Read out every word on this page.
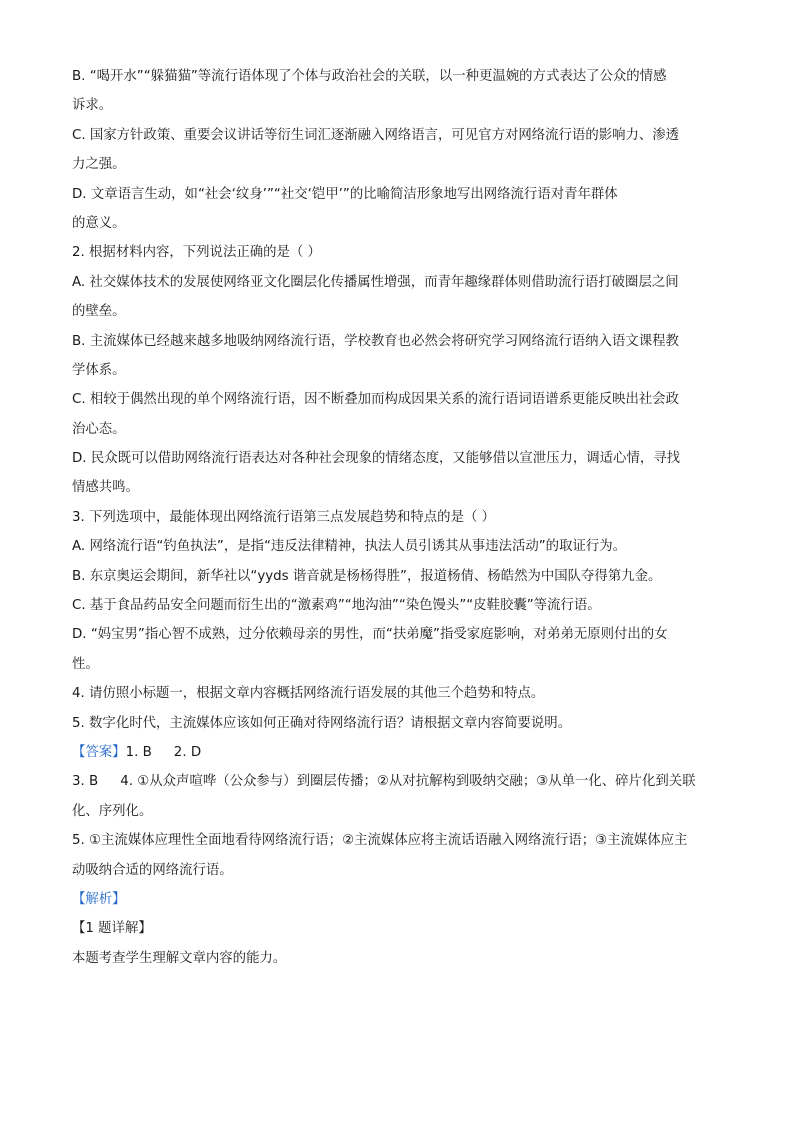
B. “喝开水”“躲猫猫”等流行语体现了个体与政治社会的关联，以一种更温婉的方式表达了公众的情感
诉求。
C. 国家方针政策、重要会议讲话等衍生词汇逐渐融入网络语言，可见官方对网络流行语的影响力、渗透
力之强。
D. 文章语言生动，如“社会‘纹身’”“社交‘铠甲’”的比喻简洁形象地写出网络流行语对青年群体
的意义。
2. 根据材料内容，下列说法正确的是（ ）
A. 社交媒体技术的发展使网络亚文化圈层化传播属性增强，而青年趣缘群体则借助流行语打破圈层之间
的壁垒。
B. 主流媒体已经越来越多地吸纳网络流行语，学校教育也必然会将研究学习网络流行语纳入语文课程教
学体系。
C. 相较于偶然出现的单个网络流行语，因不断叠加而构成因果关系的流行语词语谱系更能反映出社会政
治心态。
D. 民众既可以借助网络流行语表达对各种社会现象的情绪态度，又能够借以宣泄压力，调适心情，寻找
情感共鸣。
3. 下列选项中，最能体现出网络流行语第三点发展趋势和特点的是（ ）
A. 网络流行语“钓鱼执法”，是指“违反法律精神，执法人员引诱其从事违法活动”的取证行为。
B. 东京奥运会期间，新华社以“yyds 谐音就是杨杨得胜”，报道杨倩、杨皓然为中国队夺得第九金。
C. 基于食品药品安全问题而衍生出的“激素鸡”“地沟油”“染色馒头”“皮鞋胶囊”等流行语。
D. “妈宝男”指心智不成熟，过分依赖母亲的男性，而“扶弟魔”指受家庭影响，对弟弟无原则付出的女
性。
4. 请仿照小标题一，根据文章内容概括网络流行语发展的其他三个趋势和特点。
5. 数字化时代，主流媒体应该如何正确对待网络流行语？请根据文章内容简要说明。
【答案】1. B 2. D
3. B 4. ①从众声喧哗（公众参与）到圈层传播；②从对抗解构到吸纳交融；③从单一化、碎片化到关联
化、序列化。
5. ①主流媒体应理性全面地看待网络流行语；②主流媒体应将主流话语融入网络流行语；③主流媒体应主
动吸纳合适的网络流行语。
【解析】
【1 题详解】
本题考查学生理解文章内容的能力。
